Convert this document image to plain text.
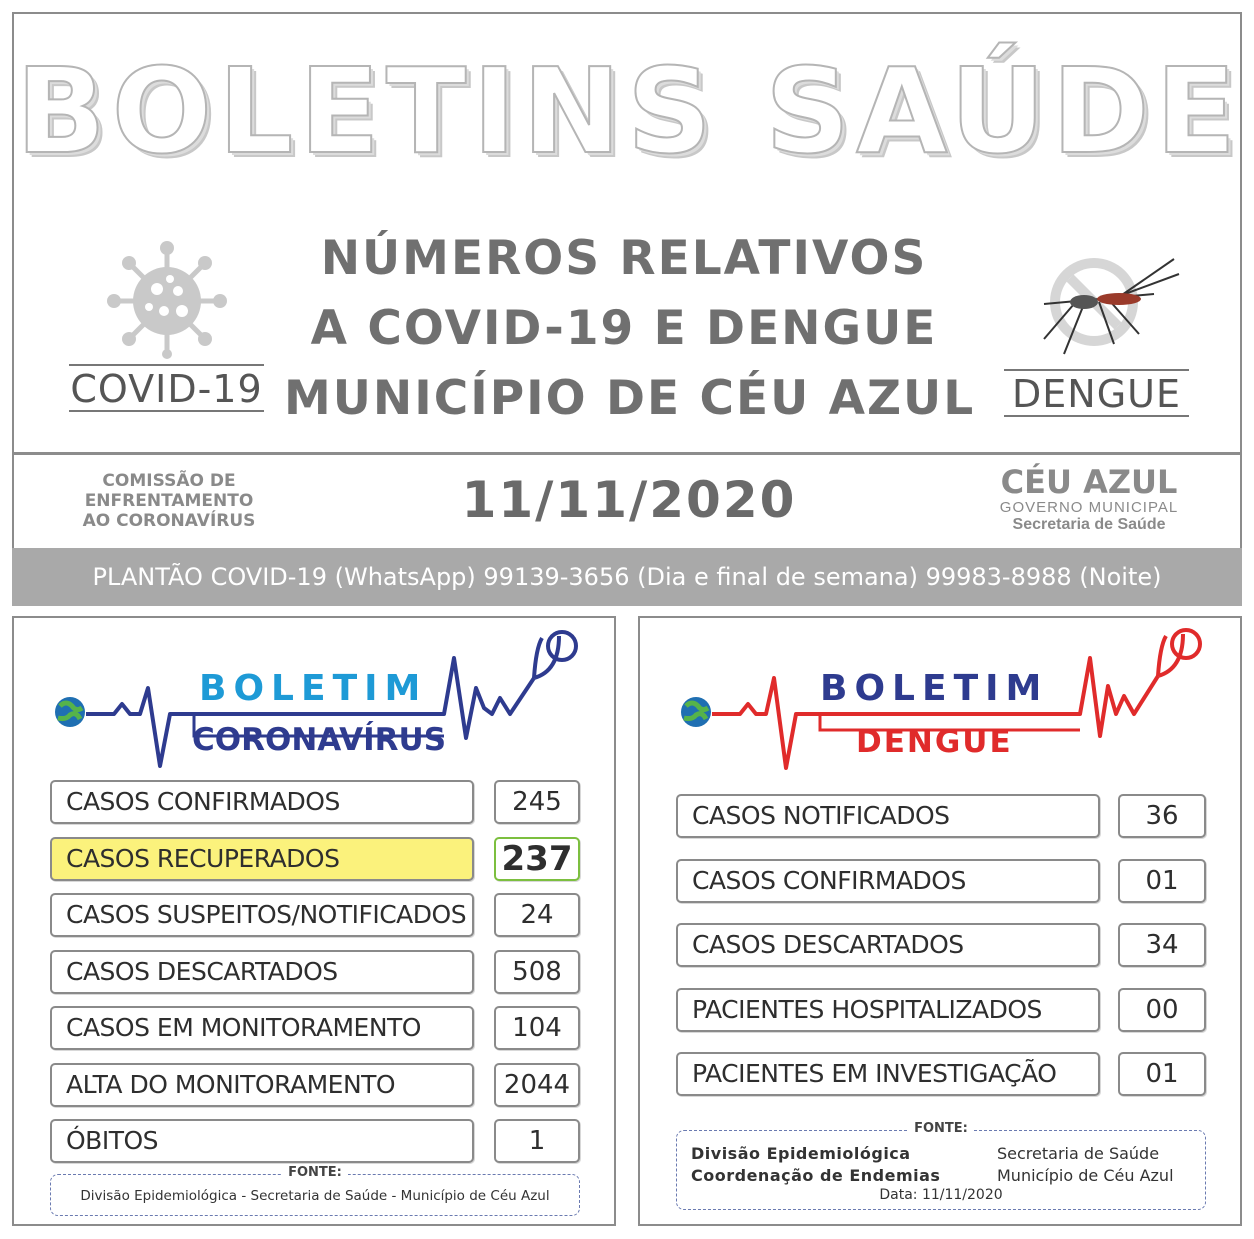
BOLETINS SAÚDE
COVID-19
NÚMEROS RELATIVOS
A COVID-19 E DENGUE
MUNICÍPIO DE CÉU AZUL DENGUE
COMISSÃO DE
ENFRENTAMENTO
AO CORONAVÍRUS	11/11/2020	CÉU AZUL
GOVERNO MUNICIPAL
Secretaria de Saúde
PLANTÃO COVID-19 (WhatsApp) 99139-3656 (Dia e final de semana) 99983-8988 (Noite)
BOLETIM
CORONAVÍRUS
CASOS CONFIRMADOS	245
CASOS RECUPERADOS	237
CASOS SUSPEITOS/NOTIFICADOS	24
CASOS DESCARTADOS	508
CASOS EM MONITORAMENTO	104
ALTA DO MONITORAMENTO	2044
ÓBITOS	1
FONTE:
Divisão Epidemiológica - Secretaria de Saúde - Município de Céu Azul
BOLETIM
DENGUE
CASOS NOTIFICADOS	36
CASOS CONFIRMADOS	01
CASOS DESCARTADOS	34
PACIENTES HOSPITALIZADOS	00
PACIENTES EM INVESTIGAÇÃO	01
FONTE:
Divisão Epidemiológica
Coordenação de Endemias
Secretaria de Saúde
Município de Céu Azul
Data: 11/11/2020
